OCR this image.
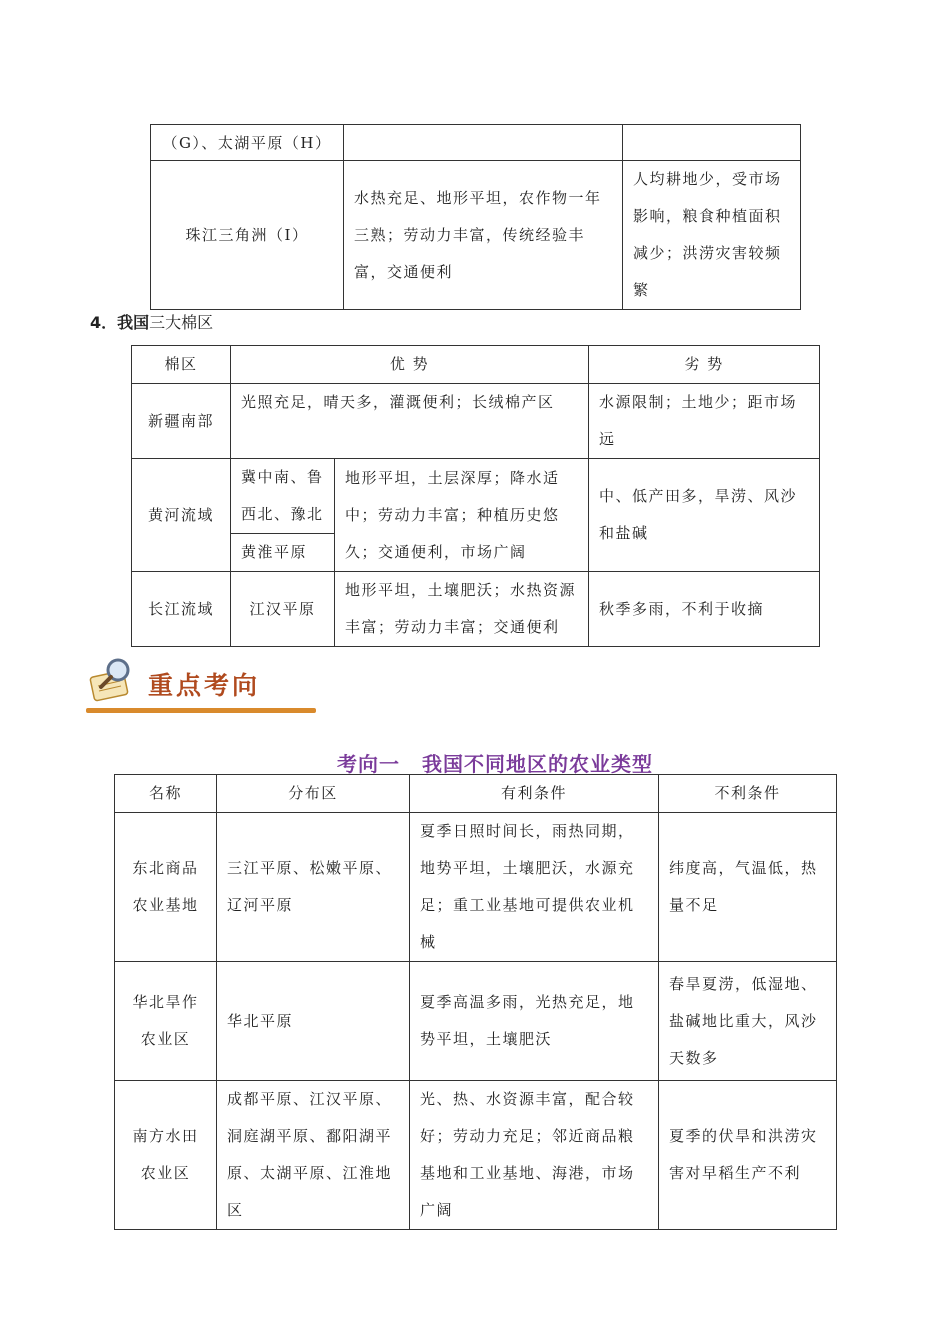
（G）、太湖平原（H）		
珠江三角洲（I）	水热充足、地形平坦，农作物一年三熟；劳动力丰富，传统经验丰富，交通便利	人均耕地少，受市场影响，粮食种植面积减少；洪涝灾害较频繁
4．我国三大棉区
棉区	优 势		劣 势
新疆南部	光照充足，晴天多，灌溉便利；长绒棉产区		水源限制；土地少；距市场远
黄河流域	冀中南、鲁西北、豫北	地形平坦，土层深厚；降水适中；劳动力丰富；种植历史悠久；交通便利，市场广阔	中、低产田多，旱涝、风沙和盐碱
	黄淮平原		
长江流域	江汉平原	地形平坦，土壤肥沃；水热资源丰富；劳动力丰富；交通便利	秋季多雨，不利于收摘
重点考向
考向一 我国不同地区的农业类型
名称	分布区	有利条件	不利条件
东北商品农业基地	三江平原、松嫩平原、辽河平原	夏季日照时间长，雨热同期，地势平坦，土壤肥沃，水源充足；重工业基地可提供农业机械	纬度高，气温低，热量不足
华北旱作农业区	华北平原	夏季高温多雨，光热充足，地势平坦，土壤肥沃	春旱夏涝，低湿地、盐碱地比重大，风沙天数多
南方水田农业区	成都平原、江汉平原、洞庭湖平原、鄱阳湖平原、太湖平原、江淮地区	光、热、水资源丰富，配合较好；劳动力充足；邻近商品粮基地和工业基地、海港，市场广阔	夏季的伏旱和洪涝灾害对早稻生产不利
